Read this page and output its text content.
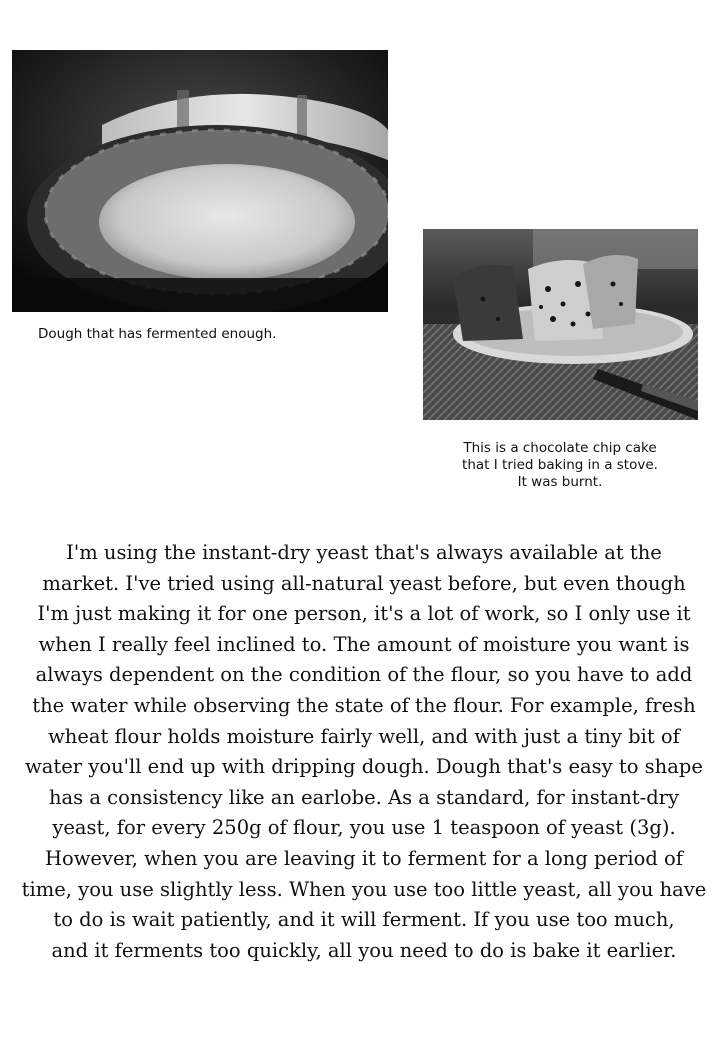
Dough that has fermented enough.
This is a chocolate chip cake
that I tried baking in a stove.
It was burnt.
I'm using the instant-dry yeast that's always available at the
market. I've tried using all-natural yeast before, but even though
I'm just making it for one person, it's a lot of work, so I only use it
when I really feel inclined to. The amount of moisture you want is
always dependent on the condition of the flour, so you have to add
the water while observing the state of the flour. For example, fresh
wheat flour holds moisture fairly well, and with just a tiny bit of
water you'll end up with dripping dough. Dough that's easy to shape
has a consistency like an earlobe. As a standard, for instant-dry
yeast, for every 250g of flour, you use 1 teaspoon of yeast (3g).
However, when you are leaving it to ferment for a long period of
time, you use slightly less. When you use too little yeast, all you have
to do is wait patiently, and it will ferment. If you use too much,
and it ferments too quickly, all you need to do is bake it earlier.
